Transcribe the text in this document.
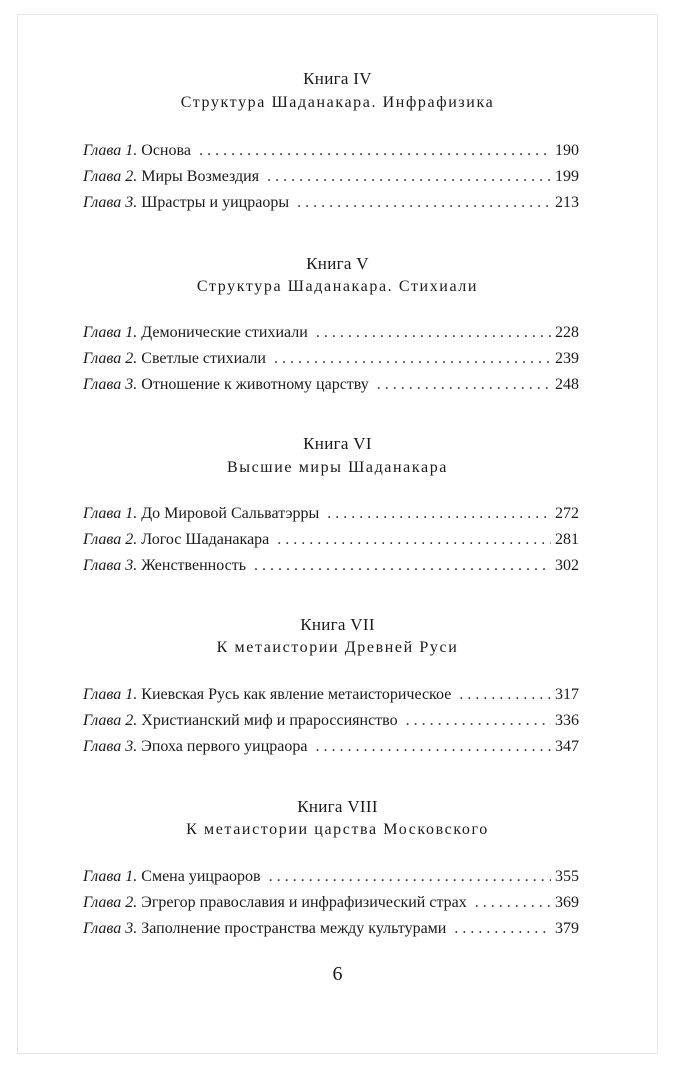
Книга IV
Структура Шаданакара. Инфрафизика
Глава 1. Основа . . .	190
Глава 2. Миры Возмездия . . .	199
Глава 3. Шрастры и уицраоры . . .	213
Книга V
Структура Шаданакара. Стихиали
Глава 1. Демонические стихиали . . .	228
Глава 2. Светлые стихиали . . .	239
Глава 3. Отношение к животному царству . . .	248
Книга VI
Высшие миры Шаданакара
Глава 1. До Мировой Сальватэрры . . .	272
Глава 2. Логос Шаданакара . . .	281
Глава 3. Женственность . . .	302
Книга VII
К метаистории Древней Руси
Глава 1. Киевская Русь как явление метаисторическое . . .	317
Глава 2. Христианский миф и прароссиянство . . .	336
Глава 3. Эпоха первого уицраора . . .	347
Книга VIII
К метаистории царства Московского
Глава 1. Смена уицраоров . . .	355
Глава 2. Эгрегор православия и инфрафизический страх . . .	369
Глава 3. Заполнение пространства между культурами . . .	379
6
